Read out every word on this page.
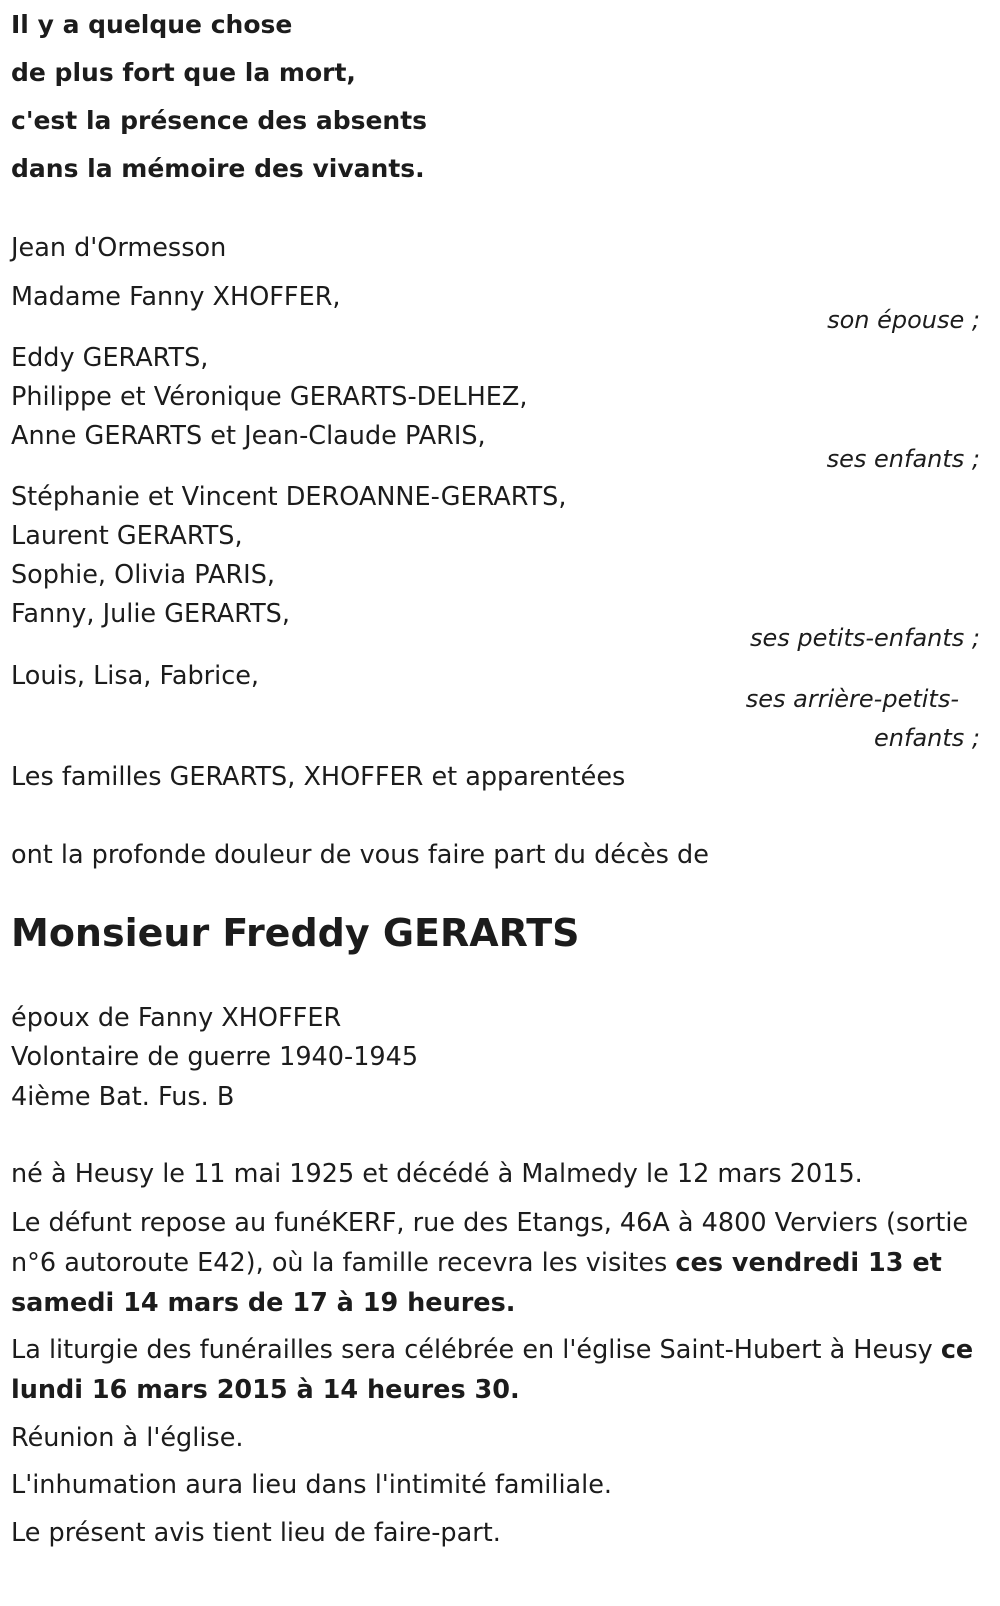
Il y a quelque chose
de plus fort que la mort,
c'est la présence des absents
dans la mémoire des vivants.
Jean d'Ormesson
Madame Fanny XHOFFER,
son épouse ;
Eddy GERARTS,
Philippe et Véronique GERARTS-DELHEZ,
Anne GERARTS et Jean-Claude PARIS,
ses enfants ;
Stéphanie et Vincent DEROANNE-GERARTS,
Laurent GERARTS,
Sophie, Olivia PARIS,
Fanny, Julie GERARTS,
ses petits-enfants ;
Louis, Lisa, Fabrice,
ses arrière-petits-
enfants ;
Les familles GERARTS, XHOFFER et apparentées
ont la profonde douleur de vous faire part du décès de
Monsieur Freddy GERARTS
époux de Fanny XHOFFER
Volontaire de guerre 1940-1945
4ième Bat. Fus. B
né à Heusy le 11 mai 1925 et décédé à Malmedy le 12 mars 2015.
Le défunt repose au funéKERF, rue des Etangs, 46A à 4800 Verviers (sortie n°6 autoroute E42), où la famille recevra les visites ces vendredi 13 et samedi 14 mars de 17 à 19 heures.
La liturgie des funérailles sera célébrée en l'église Saint-Hubert à Heusy ce lundi 16 mars 2015 à 14 heures 30.
Réunion à l'église.
L'inhumation aura lieu dans l'intimité familiale.
Le présent avis tient lieu de faire-part.
